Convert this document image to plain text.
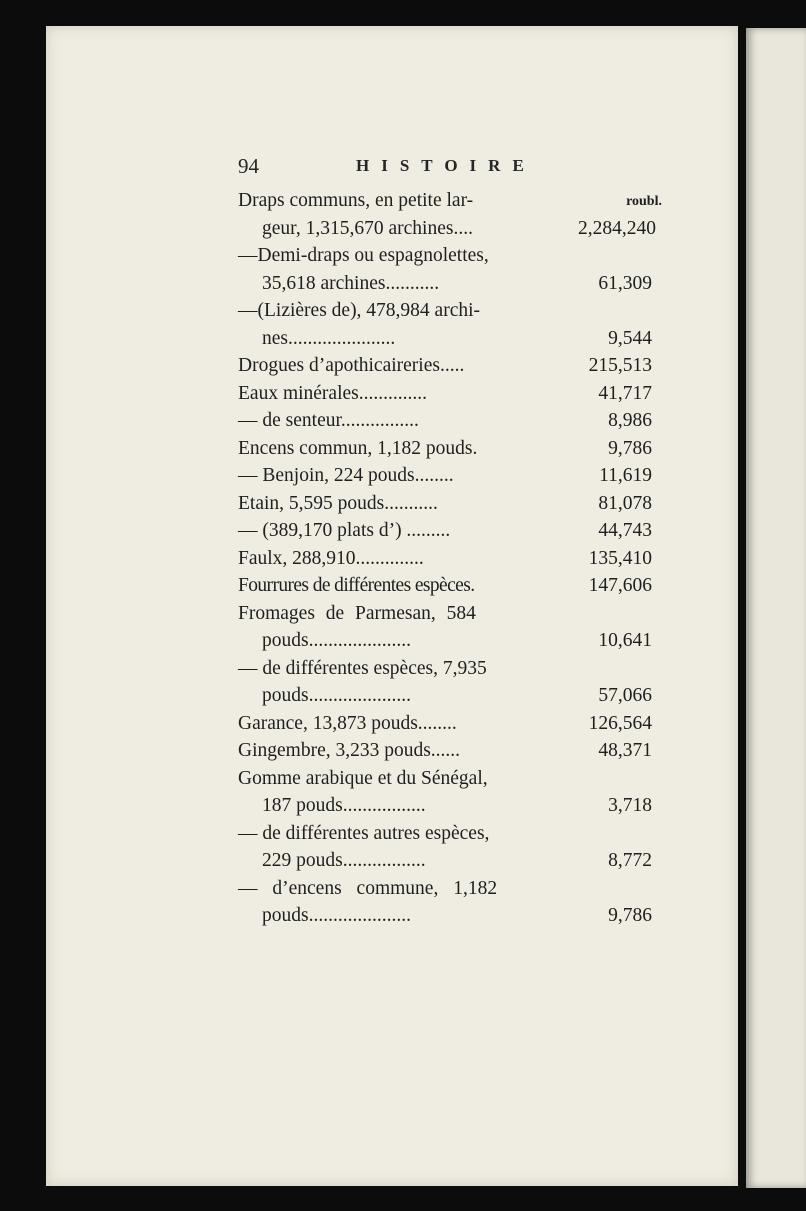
94	HISTOIRE
Draps communs, en petite lar-	roubl.
geur, 1,315,670 archines....	2,284,240
—Demi-draps ou espagnolettes,
35,618 archines...........	61,309
—(Lizières de), 478,984 archi-
nes......................	9,544
Drogues d’apothicaireries.....	215,513
Eaux minérales..............	41,717
— de senteur................	8,986
Encens commun, 1,182 pouds.	9,786
— Benjoin, 224 pouds........	11,619
Etain, 5,595 pouds...........	81,078
— (389,170 plats d’) .........	44,743
Faulx, 288,910..............	135,410
Fourrures de différentes espèces.	147,606
Fromages de Parmesan, 584
pouds.....................	10,641
— de différentes espèces, 7,935
pouds.....................	57,066
Garance, 13,873 pouds........	126,564
Gingembre, 3,233 pouds......	48,371
Gomme arabique et du Sénégal,
187 pouds.................	3,718
— de différentes autres espèces,
229 pouds.................	8,772
— d’encens commune, 1,182
pouds.....................	9,786
